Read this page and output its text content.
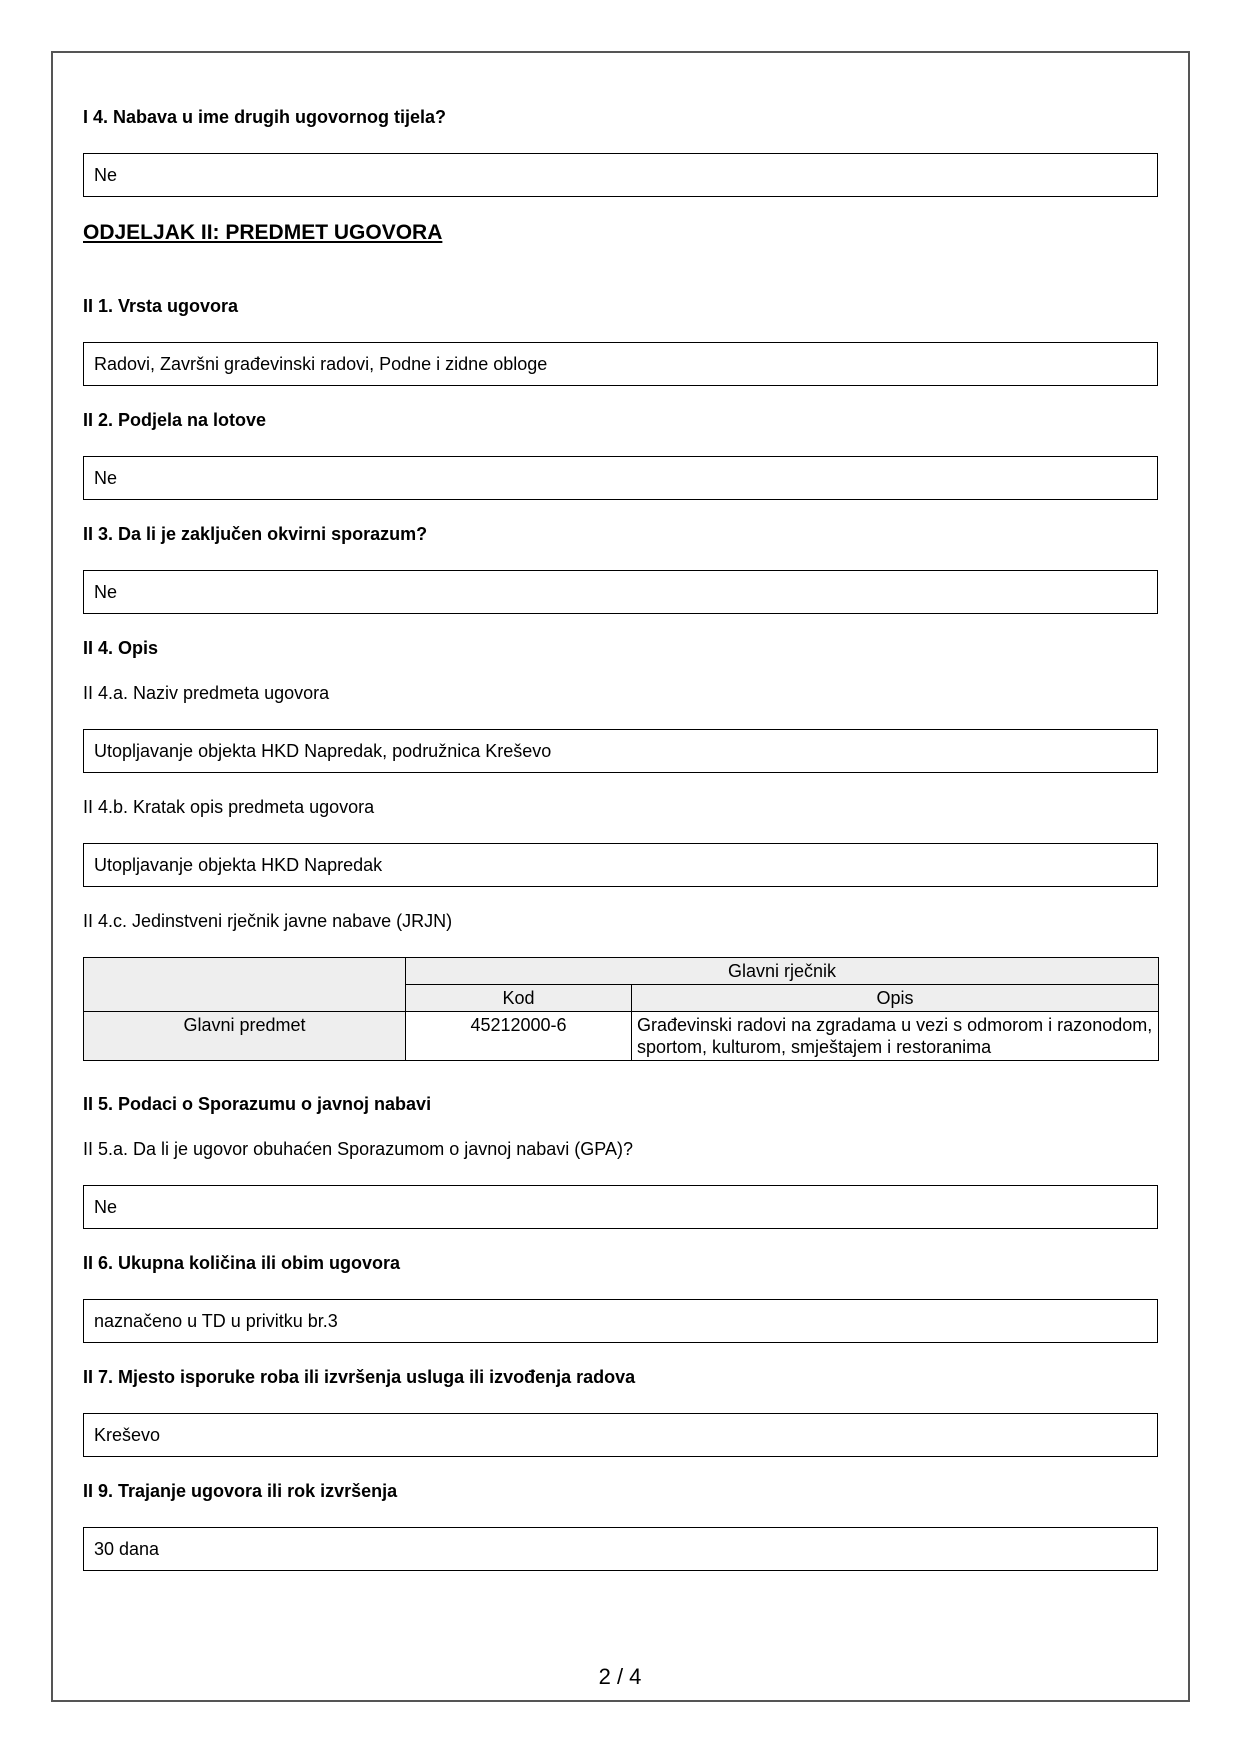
I 4. Nabava u ime drugih ugovornog tijela?
Ne
ODJELJAK II: PREDMET UGOVORA
II 1. Vrsta ugovora
Radovi, Završni građevinski radovi, Podne i zidne obloge
II 2. Podjela na lotove
Ne
II 3. Da li je zaključen okvirni sporazum?
Ne
II 4. Opis
II 4.a. Naziv predmeta ugovora
Utopljavanje objekta HKD Napredak, podružnica Kreševo
II 4.b. Kratak opis predmeta ugovora
Utopljavanje objekta HKD Napredak
II 4.c. Jedinstveni rječnik javne nabave (JRJN)
	Glavni rječnik	
	Kod	Opis
Glavni predmet	45212000-6	Građevinski radovi na zgradama u vezi s odmorom i razonodom, sportom, kulturom, smještajem i restoranima
II 5. Podaci o Sporazumu o javnoj nabavi
II 5.a. Da li je ugovor obuhaćen Sporazumom o javnoj nabavi (GPA)?
Ne
II 6. Ukupna količina ili obim ugovora
naznačeno u TD u privitku br.3
II 7. Mjesto isporuke roba ili izvršenja usluga ili izvođenja radova
Kreševo
II 9. Trajanje ugovora ili rok izvršenja
30 dana
2 / 4
